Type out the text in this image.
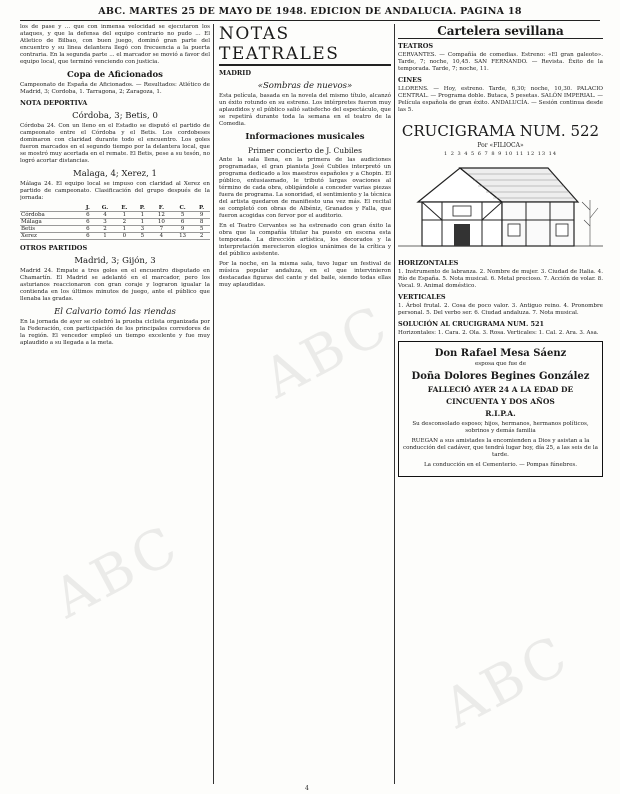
ABC. MARTES 25 DE MAYO DE 1948. EDICION DE ANDALUCIA. PAGINA 18

los de pase y ... que con inmensa velocidad se ejecutaron los ataques, y que la defensa del equipo contrario no pudo ... El Atletico de Bilbao, con buen juego, dominó gran parte del encuentro y su linea delantera llegó con frecuencia a la puerta contraria. En la segunda parte ... el marcador se movió a favor del equipo local, que terminó venciendo con justicia.

Copa de Aficionados

Campeonato de España de Aficionados. — Resultados: Atlético de Madrid, 3; Cordoba, 1. Tarragona, 2; Zaragoza, 1.

NOTA DEPORTIVA
Córdoba, 3; Betis, 0

Córdoba 24. Con un lleno en el Estadio se disputó el partido de campeonato entre el Córdoba y el Betis. Los cordobeses dominaron con claridad durante todo el encuentro. Los goles fueron marcados en el segundo tiempo por la delantera local, que se mostró muy acertada en el remate. El Betis, pese a su tesón, no logró acortar distancias.

Malaga, 4; Xerez, 1

Málaga 24. El equipo local se impuso con claridad al Xerez en partido de campeonato. Clasificación del grupo después de la jornada:

	J.	G.	E.	P.	F.	C.	P.
Córdoba	6	4	1	1	12	5	9
Málaga	6	3	2	1	10	6	8
Betis	6	2	1	3	7	9	5
Xerez	6	1	0	5	4	13	2
OTROS PARTIDOS
Madrid, 3; Gijón, 3

Madrid 24. Empate a tres goles en el encuentro disputado en Chamartín. El Madrid se adelantó en el marcador, pero los asturianos reaccionaron con gran coraje y lograron igualar la contienda en los últimos minutos de juego, ante el público que llenaba las gradas.

El Calvario tomó las riendas

En la jornada de ayer se celebró la prueba ciclista organizada por la Federación, con participación de los principales corredores de la región. El vencedor empleó un tiempo excelente y fue muy aplaudido a su llegada a la meta.

NOTAS TEATRALES
MADRID
«Sombras de nuevos»

Esta película, basada en la novela del mismo título, alcanzó un éxito rotundo en su estreno. Los intérpretes fueron muy aplaudidos y el público salió satisfecho del espectáculo, que se repetirá durante toda la semana en el teatro de la Comedia.

Informaciones musicales
Primer concierto de J. Cubiles

Ante la sala llena, en la primera de las audiciones programadas, el gran pianista José Cubiles interpretó un programa dedicado a los maestros españoles y a Chopin. El público, entusiasmado, le tributó largas ovaciones al término de cada obra, obligándole a conceder varias piezas fuera de programa. La sonoridad, el sentimiento y la técnica del artista quedaron de manifiesto una vez más. El recital se completó con obras de Albéniz, Granados y Falla, que fueron acogidas con fervor por el auditorio.

En el Teatro Cervantes se ha estrenado con gran éxito la obra que la compañía titular ha puesto en escena esta temporada. La dirección artística, los decorados y la interpretación merecieron elogios unánimes de la crítica y del público asistente.

Por la noche, en la misma sala, tuvo lugar un festival de música popular andaluza, en el que intervinieron destacadas figuras del cante y del baile, siendo todas ellas muy aplaudidas.

Cartelera sevillana
TEATROS

CERVANTES. — Compañía de comedias. Estreno: «El gran galeoto». Tarde, 7; noche, 10,45. SAN FERNANDO. — Revista. Éxito de la temporada. Tarde, 7; noche, 11.

CINES

LLORENS. — Hoy, estreno. Tarde, 6,30; noche, 10,30. PALACIO CENTRAL. — Programa doble. Butaca, 5 pesetas. SALÓN IMPERIAL. — Película española de gran éxito. ANDALUCÍA. — Sesión continua desde las 5.

CRUCIGRAMA NUM. 522
Por «FILIOCA»
1 2 3 4 5 6 7 8 9 10 11 12 13 14
HORIZONTALES

1. Instrumento de labranza. 2. Nombre de mujer. 3. Ciudad de Italia. 4. Río de España. 5. Nota musical. 6. Metal precioso. 7. Acción de volar. 8. Vocal. 9. Animal doméstico.

VERTICALES

1. Árbol frutal. 2. Cosa de poco valor. 3. Antiguo reino. 4. Pronombre personal. 5. Del verbo ser. 6. Ciudad andaluza. 7. Nota musical.

SOLUCIÓN AL CRUCIGRAMA NUM. 521

Horizontales: 1. Cara. 2. Ola. 3. Rosa. Verticales: 1. Cal. 2. Ara. 3. Asa.

Don Rafael Mesa Sáenz

esposa que fue de

Doña Dolores Begines González
FALLECIÓ AYER 24 A LA EDAD DE
CINCUENTA Y DOS AÑOS
R.I.P.A.

Su desconsolado esposo; hijos, hermanos, hermanos políticos, sobrinos y demás familia

RUEGAN a sus amistades la encomienden a Dios y asistan a la conducción del cadáver, que tendrá lugar hoy, día 25, a las seis de la tarde.

La conducción en el Cementerio. — Pompas fúnebres.

ABC
ABC
ABC
4
